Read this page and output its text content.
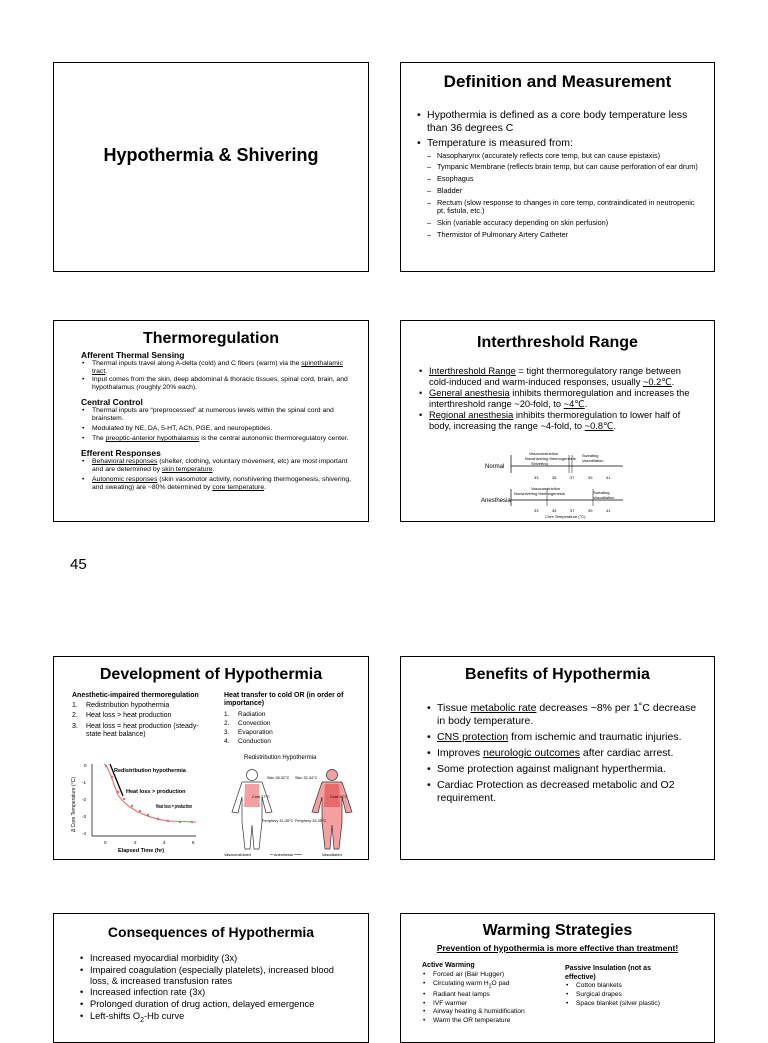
Hypothermia & Shivering
Definition and Measurement
• Hypothermia is defined as a core body temperature less than 36 degrees C
• Temperature is measured from:
– Nasopharynx (accurately reflects core temp, but can cause epistaxis)
– Tympanic Membrane (reflects brain temp, but can cause perforation of ear drum)
– Esophagus
– Bladder
– Rectum (slow response to changes in core temp, contraindicated in neutropenic pt, fistula, etc.)
– Skin (variable accuracy depending on skin perfusion)
– Thermistor of Pulmonary Artery Catheter
Thermoregulation
Afferent Thermal Sensing
• Thermal inputs travel along A-delta (cold) and C fibers (warm) via the spinothalamic tract.
• Input comes from the skin, deep abdominal & thoracic tissues, spinal cord, brain, and hypothalamus (roughly 20% each).
Central Control
• Thermal inputs are “preprocessed” at numerous levels within the spinal cord and brainstem.
• Modulated by NE, DA, 5-HT, ACh, PGE, and neuropeptides.
• The preoptic-anterior hypothalamus is the central autonomic thermoregulatory center.
Efferent Responses
• Behavioral responses (shelter, clothing, voluntary movement, etc) are most important and are determined by skin temperature.
• Autonomic responses (skin vasomotor activity, nonshivering thermogenesis, shivering, and sweating) are ~80% determined by core temperature.
Interthreshold Range
• Interthreshold Range = tight thermoregulatory range between cold-induced and warm-induced responses, usually ~0.2℃.
• General anesthesia inhibits thermoregulation and increases the interthreshold range ~20-fold, to ~4℃.
• Regional anesthesia inhibits thermoregulation to lower half of body, increasing the range ~4-fold, to ~0.8℃.
Normal
Vasoconstriction
Nonshivering thermogenesis
Shivering
Sweating
Vasodilation
33	35	37	39	41
Anesthesia
Vasoconstriction
Nonshivering thermogenesis	Sweating
Vasodilation
33	35	37	39	41
Core Temperature (°C)
45
Development of Hypothermia
Anesthetic-impaired thermoregulation
1. Redistribution hypothermia
2. Heat loss > heat production
3. Heat loss = heat production (steady-state heat balance)
Heat transfer to cold OR (in order of importance)
1. Radiation
2. Convection
3. Evaporation
4. Conduction
Redistribution Hypothermia
Δ Core Temperature (°C)
0
-1
-2
-3
-4
0	2	4	6
Elapsed Time (hr)
Redistribution hypothermia
Heat loss > production
Heat loss = production
Core 37°C
Skin 28-32°C
Periphery 31-35°C
Core 36°C
Skin 32-34°C
Periphery 33-35°C
Vasoconstricted	Anesthesia	Vasodilated
Benefits of Hypothermia
• Tissue metabolic rate decreases ~8% per 1˚C decrease in body temperature.
• CNS protection from ischemic and traumatic injuries.
• Improves neurologic outcomes after cardiac arrest.
• Some protection against malignant hyperthermia.
• Cardiac Protection as decreased metabolic and O2 requirement.
Consequences of Hypothermia
• Increased myocardial morbidity (3x)
• Impaired coagulation (especially platelets), increased blood loss, & increased transfusion rates
• Increased infection rate (3x)
• Prolonged duration of drug action, delayed emergence
• Left-shifts $O_2-Hb$ curve
Warming Strategies
Prevention of hypothermia is more effective than treatment!
Active Warming
• Forced air (Bair Hugger)
• Circulating warm $H_2O$ pad
• Radiant heat lamps
• IVF warmer
• Airway heating & humidification
• Warm the OR temperature
Passive Insulation (not as effective)
• Cotton blankets
• Surgical drapes
• Space blanket (silver plastic)
